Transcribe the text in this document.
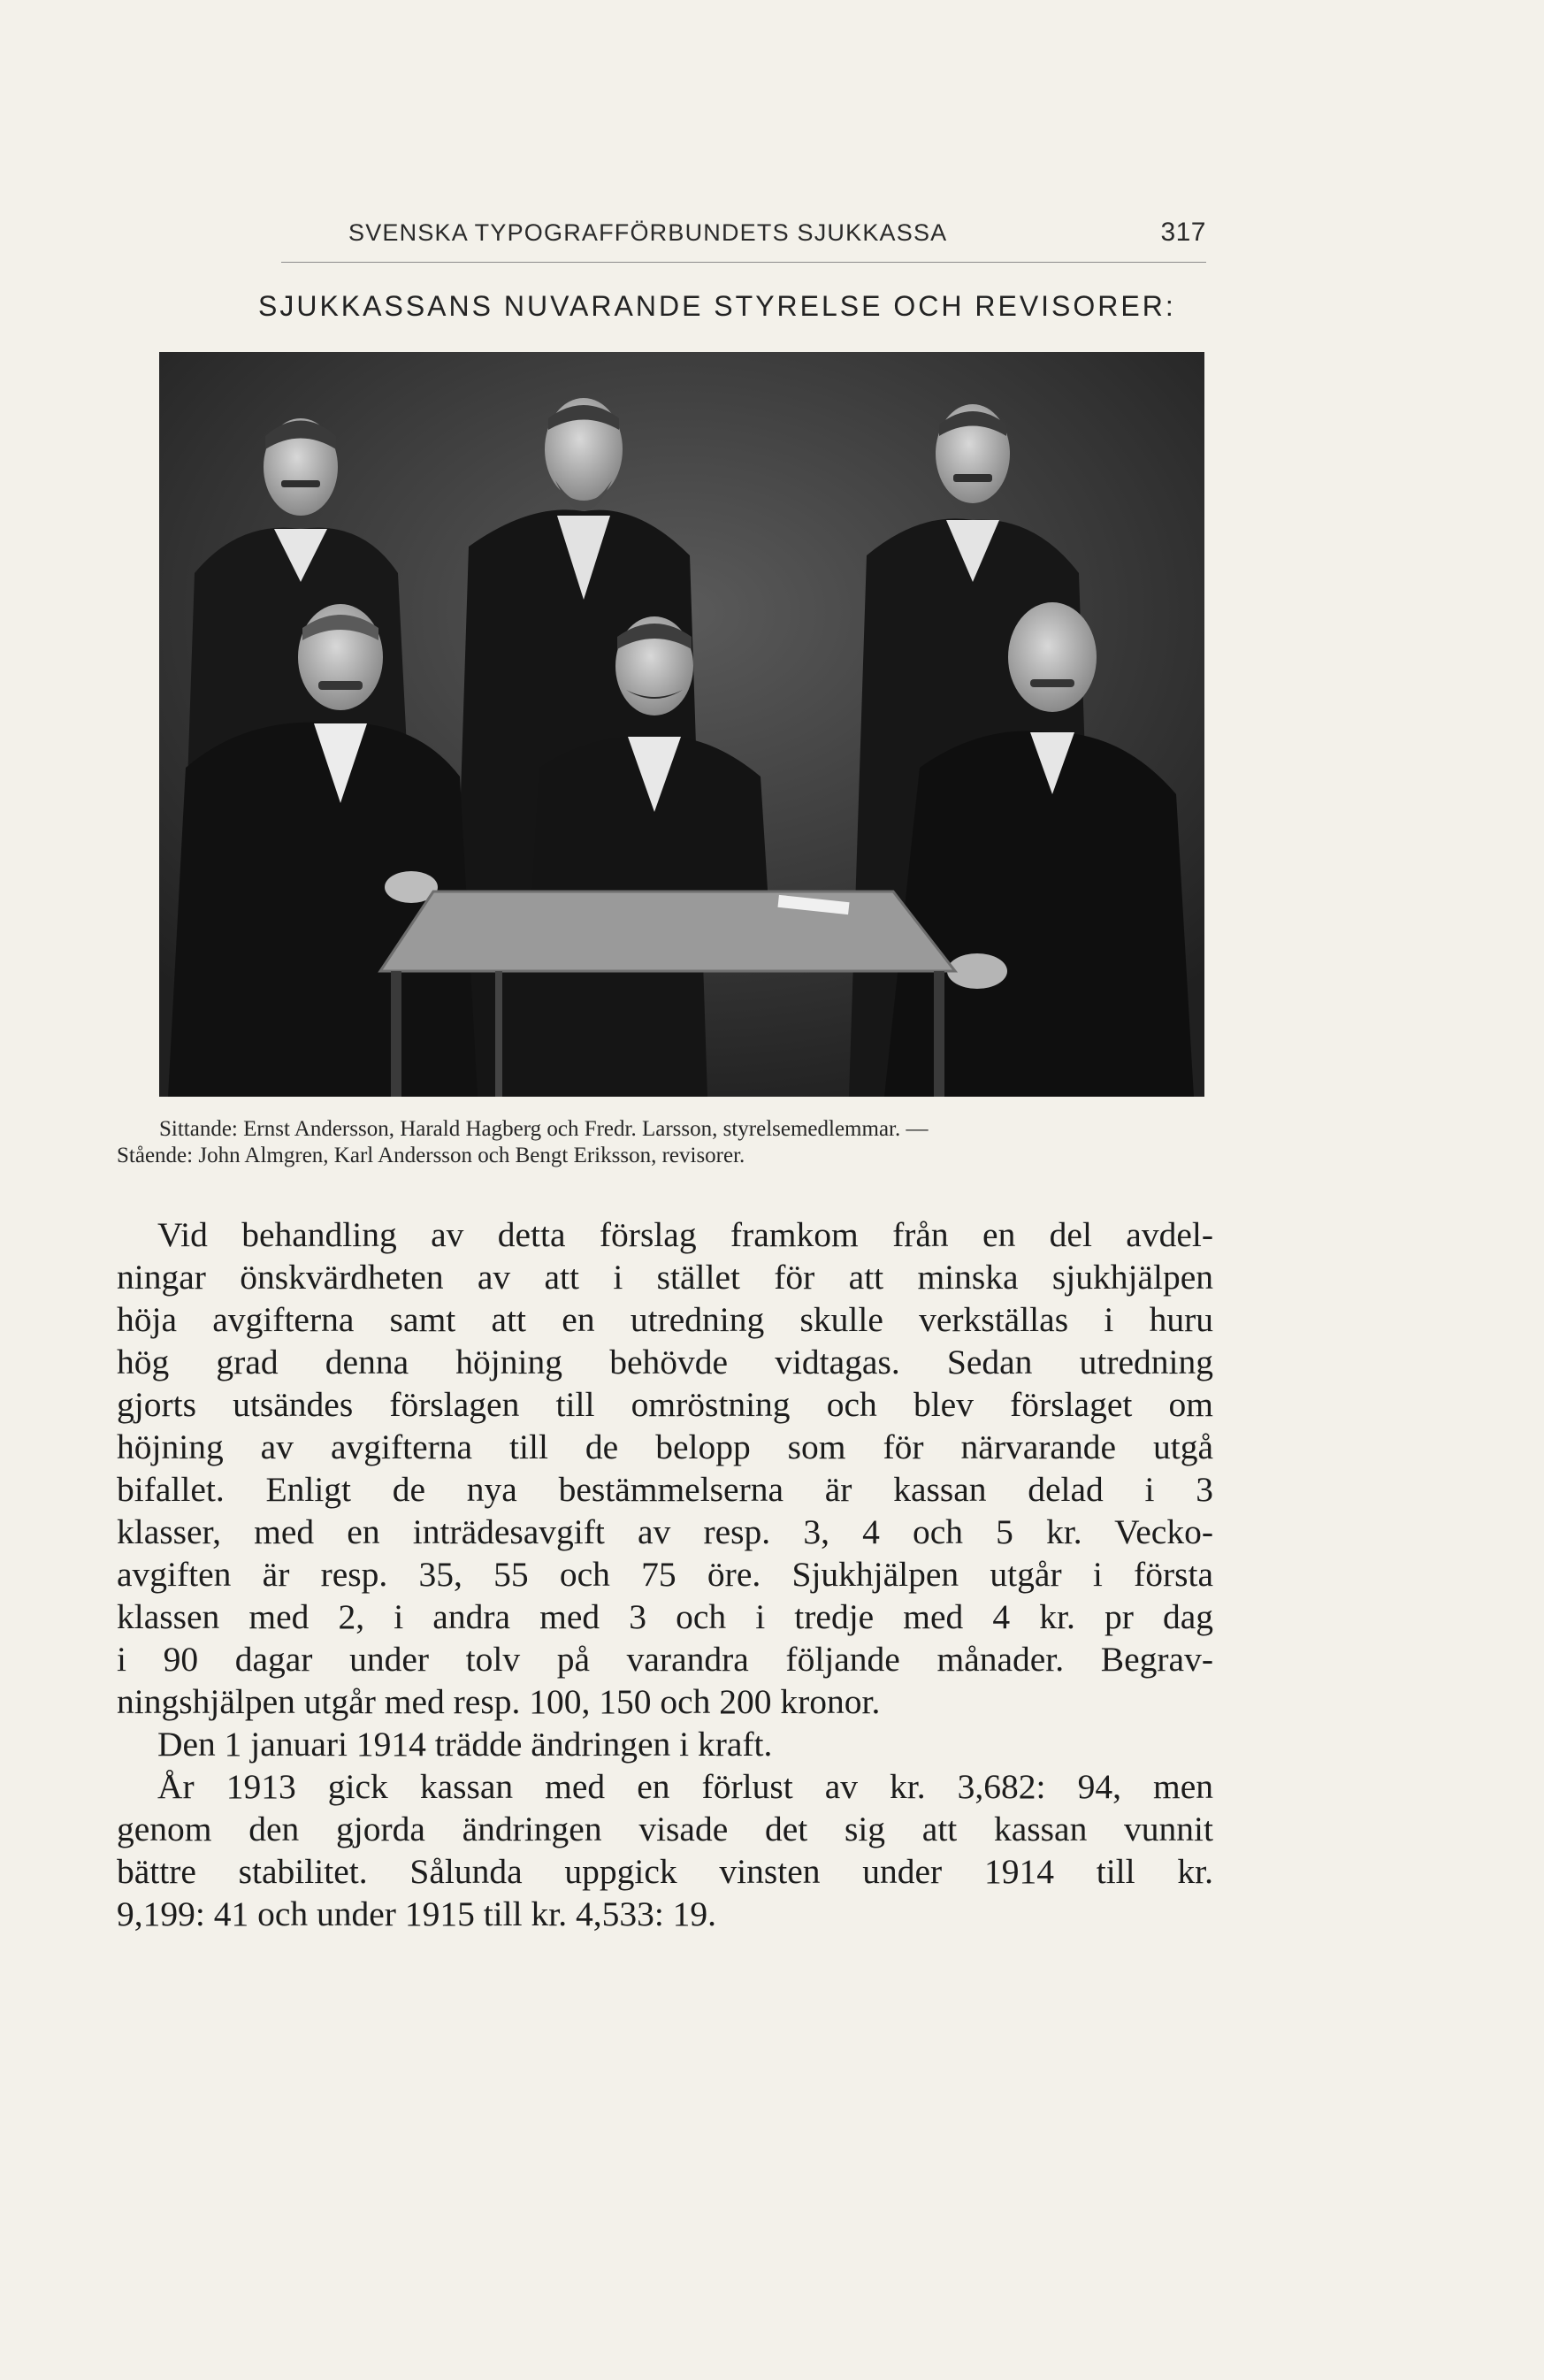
SVENSKA TYPOGRAFFÖRBUNDETS SJUKKASSA	317
SJUKKASSANS NUVARANDE STYRELSE OCH REVISORER:
Sittande: Ernst Andersson, Harald Hagberg och Fredr. Larsson, styrelsemedlemmar. —
Stående: John Almgren, Karl Andersson och Bengt Eriksson, revisorer.
Vid behandling av detta förslag framkom från en del avdel-
ningar önskvärdheten av att i stället för att minska sjukhjälpen
höja avgifterna samt att en utredning skulle verkställas i huru
hög grad denna höjning behövde vidtagas. Sedan utredning
gjorts utsändes förslagen till omröstning och blev förslaget om
höjning av avgifterna till de belopp som för närvarande utgå
bifallet. Enligt de nya bestämmelserna är kassan delad i 3
klasser, med en inträdesavgift av resp. 3, 4 och 5 kr. Vecko-
avgiften är resp. 35, 55 och 75 öre. Sjukhjälpen utgår i första
klassen med 2, i andra med 3 och i tredje med 4 kr. pr dag
i 90 dagar under tolv på varandra följande månader. Begrav-
ningshjälpen utgår med resp. 100, 150 och 200 kronor.
Den 1 januari 1914 trädde ändringen i kraft.
År 1913 gick kassan med en förlust av kr. 3,682: 94, men
genom den gjorda ändringen visade det sig att kassan vunnit
bättre stabilitet. Sålunda uppgick vinsten under 1914 till kr.
9,199: 41 och under 1915 till kr. 4,533: 19.
